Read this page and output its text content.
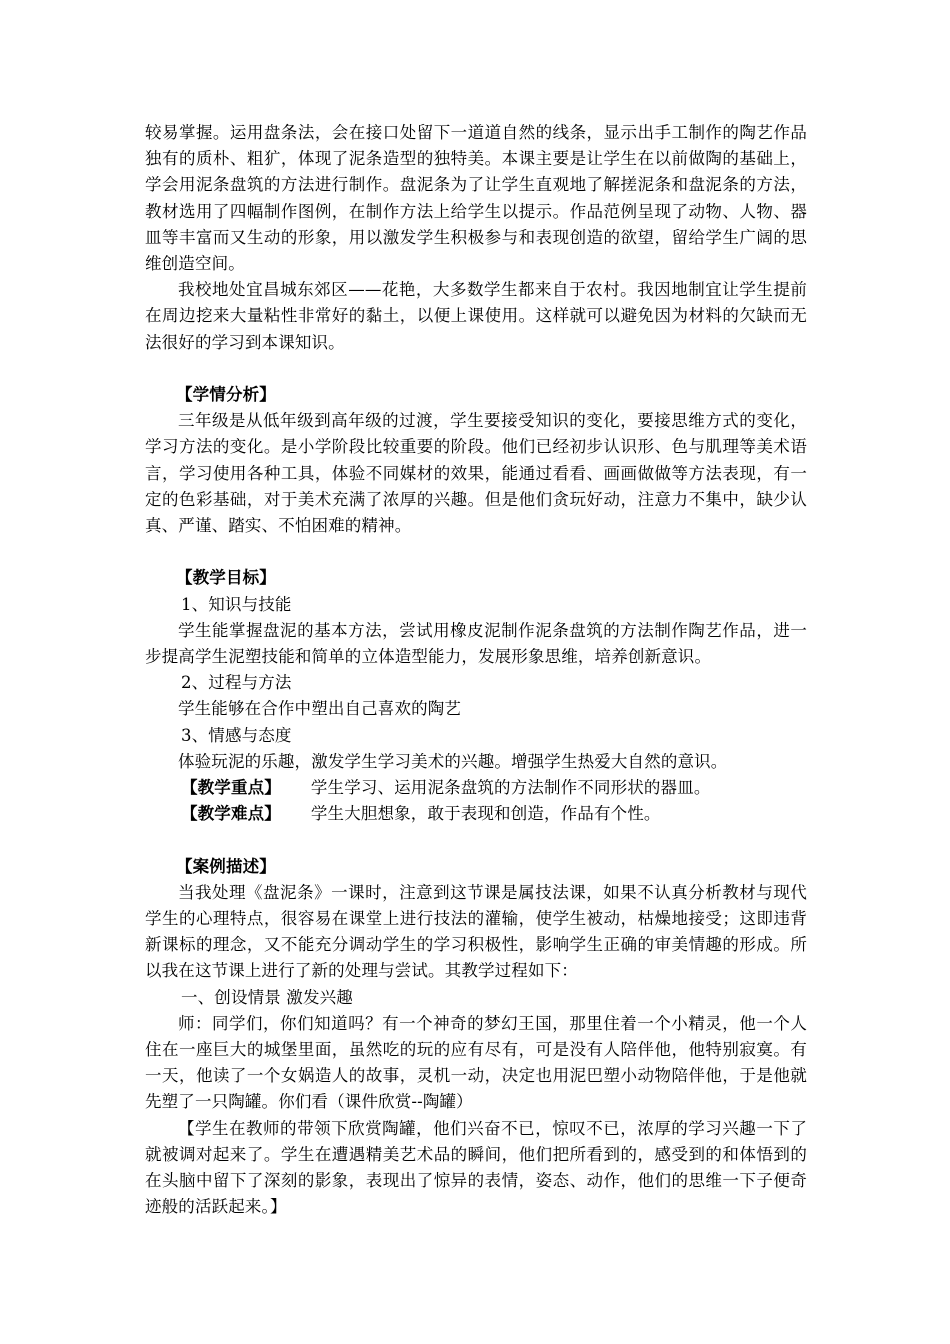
较易掌握。运用盘条法，会在接口处留下一道道自然的线条，显示出手工制作的陶艺作品独有的质朴、粗犷，体现了泥条造型的独特美。本课主要是让学生在以前做陶的基础上，学会用泥条盘筑的方法进行制作。盘泥条为了让学生直观地了解搓泥条和盘泥条的方法，教材选用了四幅制作图例，在制作方法上给学生以提示。作品范例呈现了动物、人物、器皿等丰富而又生动的形象，用以激发学生积极参与和表现创造的欲望，留给学生广阔的思维创造空间。

我校地处宜昌城东郊区——花艳，大多数学生都来自于农村。我因地制宜让学生提前在周边挖来大量粘性非常好的黏土，以便上课使用。这样就可以避免因为材料的欠缺而无法很好的学习到本课知识。

【学情分析】

三年级是从低年级到高年级的过渡，学生要接受知识的变化，要接思维方式的变化，学习方法的变化。是小学阶段比较重要的阶段。他们已经初步认识形、色与肌理等美术语言，学习使用各种工具，体验不同媒材的效果，能通过看看、画画做做等方法表现，有一定的色彩基础，对于美术充满了浓厚的兴趣。但是他们贪玩好动，注意力不集中，缺少认真、严谨、踏实、不怕困难的精神。

【教学目标】

1、知识与技能

学生能掌握盘泥的基本方法，尝试用橡皮泥制作泥条盘筑的方法制作陶艺作品，进一步提高学生泥塑技能和简单的立体造型能力，发展形象思维，培养创新意识。

2、过程与方法

学生能够在合作中塑出自己喜欢的陶艺

3、情感与态度

体验玩泥的乐趣，激发学生学习美术的兴趣。增强学生热爱大自然的意识。

【教学重点】 学生学习、运用泥条盘筑的方法制作不同形状的器皿。

【教学难点】 学生大胆想象，敢于表现和创造，作品有个性。

【案例描述】

当我处理《盘泥条》一课时，注意到这节课是属技法课，如果不认真分析教材与现代学生的心理特点，很容易在课堂上进行技法的灌输，使学生被动，枯燥地接受；这即违背新课标的理念，又不能充分调动学生的学习积极性，影响学生正确的审美情趣的形成。所以我在这节课上进行了新的处理与尝试。其教学过程如下：

一、创设情景 激发兴趣

师：同学们，你们知道吗？有一个神奇的梦幻王国，那里住着一个小精灵，他一个人住在一座巨大的城堡里面，虽然吃的玩的应有尽有，可是没有人陪伴他，他特别寂寞。有一天，他读了一个女娲造人的故事，灵机一动，决定也用泥巴塑小动物陪伴他，于是他就先塑了一只陶罐。你们看（课件欣赏--陶罐）

【学生在教师的带领下欣赏陶罐，他们兴奋不已，惊叹不已，浓厚的学习兴趣一下了就被调对起来了。学生在遭遇精美艺术品的瞬间，他们把所看到的，感受到的和体悟到的在头脑中留下了深刻的影象，表现出了惊异的表情，姿态、动作，他们的思维一下子便奇迹般的活跃起来。】
